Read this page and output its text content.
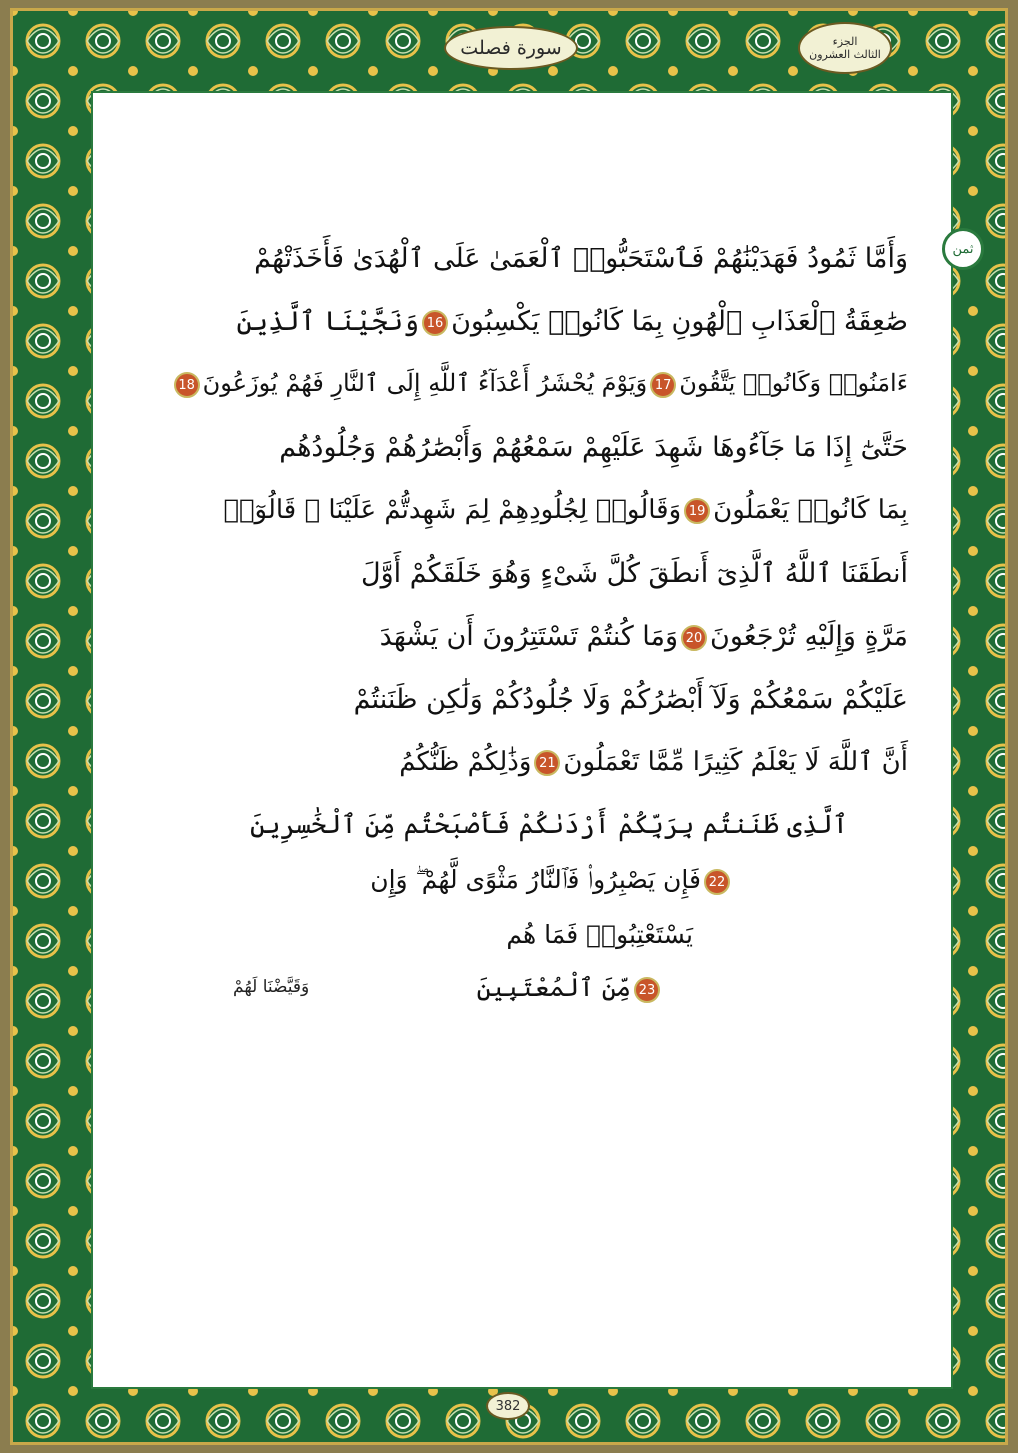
وَأَمَّا ثَمُودُ فَهَدَيْنَٰهُمْ فَٱسْتَحَبُّوا۟ ٱلْعَمَىٰ عَلَى ٱلْهُدَىٰ فَأَخَذَتْهُمْ
صَٰعِقَةُ ٱلْعَذَابِ ٱلْهُونِ بِمَا كَانُوا۟ يَكْسِبُونَ16وَنَجَّيْنَا ٱلَّذِينَ
ءَامَنُوا۟ وَكَانُوا۟ يَتَّقُونَ17وَيَوْمَ يُحْشَرُ أَعْدَآءُ ٱللَّهِ إِلَى ٱلنَّارِ فَهُمْ يُوزَعُونَ18
حَتَّىٰٓ إِذَا مَا جَآءُوهَا شَهِدَ عَلَيْهِمْ سَمْعُهُمْ وَأَبْصَٰرُهُمْ وَجُلُودُهُم
بِمَا كَانُوا۟ يَعْمَلُونَ19وَقَالُوا۟ لِجُلُودِهِمْ لِمَ شَهِدتُّمْ عَلَيْنَا ۖ قَالُوٓا۟
أَنطَقَنَا ٱللَّهُ ٱلَّذِىٓ أَنطَقَ كُلَّ شَىْءٍ وَهُوَ خَلَقَكُمْ أَوَّلَ
مَرَّةٍ وَإِلَيْهِ تُرْجَعُونَ20وَمَا كُنتُمْ تَسْتَتِرُونَ أَن يَشْهَدَ
عَلَيْكُمْ سَمْعُكُمْ وَلَآ أَبْصَٰرُكُمْ وَلَا جُلُودُكُمْ وَلَٰكِن ظَنَنتُمْ
أَنَّ ٱللَّهَ لَا يَعْلَمُ كَثِيرًا مِّمَّا تَعْمَلُونَ21وَذَٰلِكُمْ ظَنُّكُمُ
ٱلَّذِى ظَنَنتُم بِرَبِّكُمْ أَرْدَىٰكُمْ فَأَصْبَحْتُم مِّنَ ٱلْخَٰسِرِينَ
22فَإِن يَصْبِرُوا۟ فَٱلنَّارُ مَثْوًى لَّهُمْ ۖ وَإِن
يَسْتَعْتِبُوا۟ فَمَا هُم
23مِّنَ ٱلْمُعْتَبِينَ
وَقَيَّضْنَا لَهُمْ
سورة فصلت	الجزء
الثالث العشرون
ثمن
382
